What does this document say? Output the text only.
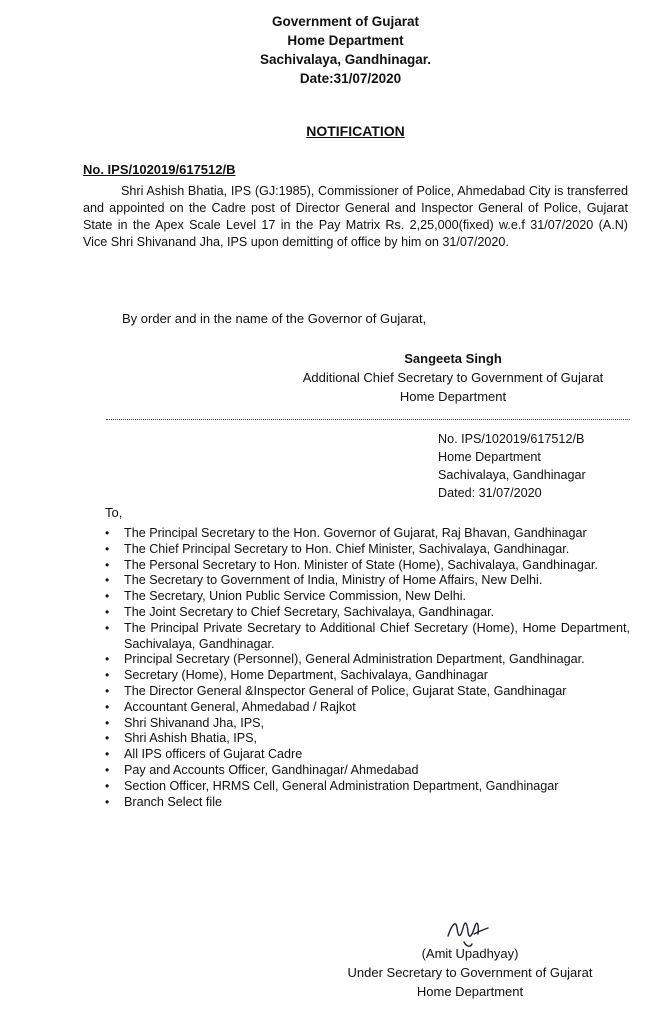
Government of Gujarat
Home Department
Sachivalaya, Gandhinagar.
Date:31/07/2020
NOTIFICATION
No. IPS/102019/617512/B
Shri Ashish Bhatia, IPS (GJ:1985), Commissioner of Police, Ahmedabad City is transferred and appointed on the Cadre post of Director General and Inspector General of Police, Gujarat State in the Apex Scale Level 17 in the Pay Matrix Rs. 2,25,000(fixed) w.e.f 31/07/2020 (A.N) Vice Shri Shivanand Jha, IPS upon demitting of office by him on 31/07/2020.
By order and in the name of the Governor of Gujarat,
Sangeeta Singh
Additional Chief Secretary to Government of Gujarat
Home Department
No. IPS/102019/617512/B
Home Department
Sachivalaya, Gandhinagar
Dated: 31/07/2020
To,
• The Principal Secretary to the Hon. Governor of Gujarat, Raj Bhavan, Gandhinagar
• The Chief Principal Secretary to Hon. Chief Minister, Sachivalaya, Gandhinagar.
• The Personal Secretary to Hon. Minister of State (Home), Sachivalaya, Gandhinagar.
• The Secretary to Government of India, Ministry of Home Affairs, New Delhi.
• The Secretary, Union Public Service Commission, New Delhi.
• The Joint Secretary to Chief Secretary, Sachivalaya, Gandhinagar.
• The Principal Private Secretary to Additional Chief Secretary (Home), Home Department, Sachivalaya, Gandhinagar.
• Principal Secretary (Personnel), General Administration Department, Gandhinagar.
• Secretary (Home), Home Department, Sachivalaya, Gandhinagar
• The Director General &Inspector General of Police, Gujarat State, Gandhinagar
• Accountant General, Ahmedabad / Rajkot
• Shri Shivanand Jha, IPS,
• Shri Ashish Bhatia, IPS,
• All IPS officers of Gujarat Cadre
• Pay and Accounts Officer, Gandhinagar/ Ahmedabad
• Section Officer, HRMS Cell, General Administration Department, Gandhinagar
• Branch Select file
(Amit Upadhyay)
Under Secretary to Government of Gujarat
Home Department
